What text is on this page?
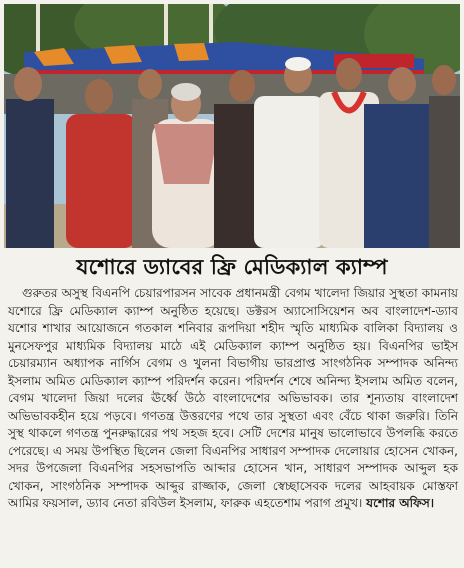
যশোরে ড্যাবের ফ্রি মেডিক্যাল ক্যাম্প
গুরুতর অসুস্থ বিএনপি চেয়ারপারসন সাবেক প্রধানমন্ত্রী বেগম খালেদা জিয়ার সুস্থতা কামনায় যশোরে ফ্রি মেডিক্যাল ক্যাম্প অনুষ্ঠিত হয়েছে। ডক্টরস অ্যাসোসিয়েশন অব বাংলাদেশ-ড্যাব যশোর শাখার আয়োজনে গতকাল শনিবার রূপদিয়া শহীদ স্মৃতি মাধ্যমিক বালিকা বিদ্যালয় ও মুনসেফপুর মাধ্যমিক বিদ্যালয় মাঠে এই মেডিক্যাল ক্যাম্প অনুষ্ঠিত হয়। বিএনপির ভাইস চেয়ারম্যান অধ্যাপক নার্গিস বেগম ও খুলনা বিভাগীয় ভারপ্রাপ্ত সাংগঠনিক সম্পাদক অনিন্দ্য ইসলাম অমিত মেডিক্যাল ক্যাম্প পরিদর্শন করেন। পরিদর্শন শেষে অনিন্দ্য ইসলাম অমিত বলেন, বেগম খালেদা জিয়া দলের ঊর্ধ্বে উঠে বাংলাদেশের অভিভাবক। তার শূন্যতায় বাংলাদেশ অভিভাবকহীন হয়ে পড়বে। গণতন্ত্র উত্তরণের পথে তার সুস্থতা এবং বেঁচে থাকা জরুরি। তিনি সুস্থ থাকলে গণতন্ত্র পুনরুদ্ধারের পথ সহজ হবে। সেটি দেশের মানুষ ভালোভাবে উপলব্ধি করতে পেরেছে। এ সময় উপস্থিত ছিলেন জেলা বিএনপির সাধারণ সম্পাদক দেলোয়ার হোসেন খোকন, সদর উপজেলা বিএনপির সহসভাপতি আব্দার হোসেন খান, সাধারণ সম্পাদক আব্দুল হক খোকন, সাংগঠনিক সম্পাদক আব্দুর রাজ্জাক, জেলা স্বেচ্ছাসেবক দলের আহবায়ক মোস্তফা আমির ফয়সাল, ড্যাব নেতা রবিউল ইসলাম, ফারুক এহতেশাম পরাগ প্রমুখ। যশোর অফিস।
